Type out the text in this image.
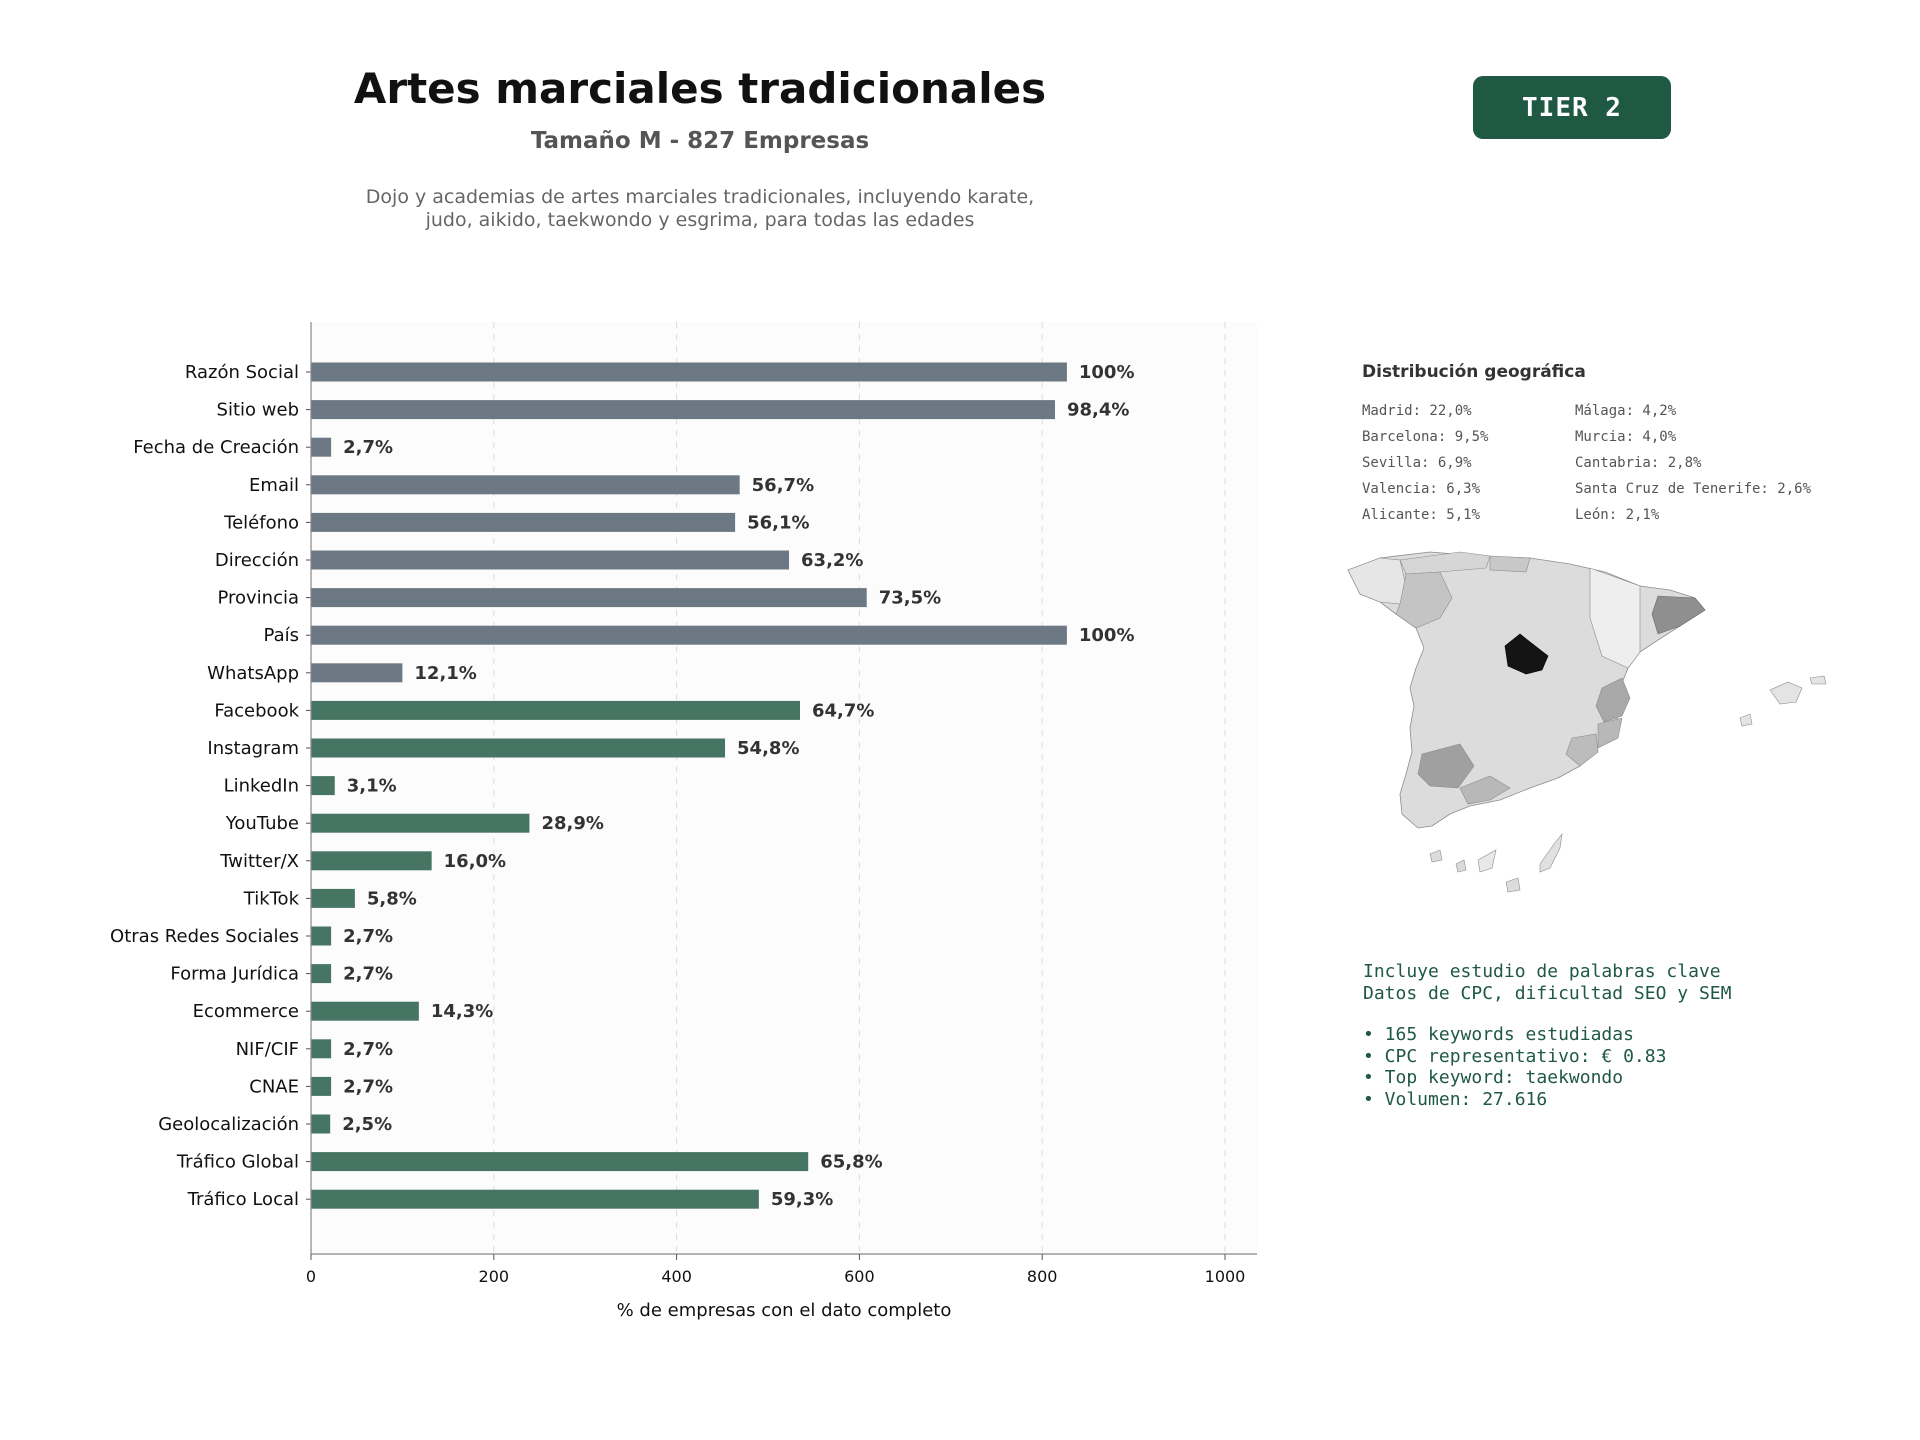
Artes marciales tradicionales
Tamaño M - 827 Empresas
Dojo y academias de artes marciales tradicionales, incluyendo karate,
judo, aikido, taekwondo y esgrima, para todas las edades
TIER 2
100%
Razón Social
98,4%
Sitio web
2,7%
Fecha de Creación
56,7%
Email
56,1%
Teléfono
63,2%
Dirección
73,5%
Provincia
100%
País
12,1%
WhatsApp
64,7%
Facebook
54,8%
Instagram
3,1%
LinkedIn
28,9%
YouTube
16,0%
Twitter/X
5,8%
TikTok
2,7%
Otras Redes Sociales
2,7%
Forma Jurídica
14,3%
Ecommerce
2,7%
NIF/CIF
2,7%
CNAE
2,5%
Geolocalización
65,8%
Tráfico Global
59,3%
Tráfico Local
0	200	400	600	800	1000
% de empresas con el dato completo
Distribución geográfica
Madrid: 22,0%
Barcelona: 9,5%
Sevilla: 6,9%
Valencia: 6,3%
Alicante: 5,1%
Málaga: 4,2%
Murcia: 4,0%
Cantabria: 2,8%
Santa Cruz de Tenerife: 2,6%
León: 2,1%
Incluye estudio de palabras clave
Datos de CPC, dificultad SEO y SEM
• 165 keywords estudiadas
• CPC representativo: € 0.83
• Top keyword: taekwondo
• Volumen: 27.616
